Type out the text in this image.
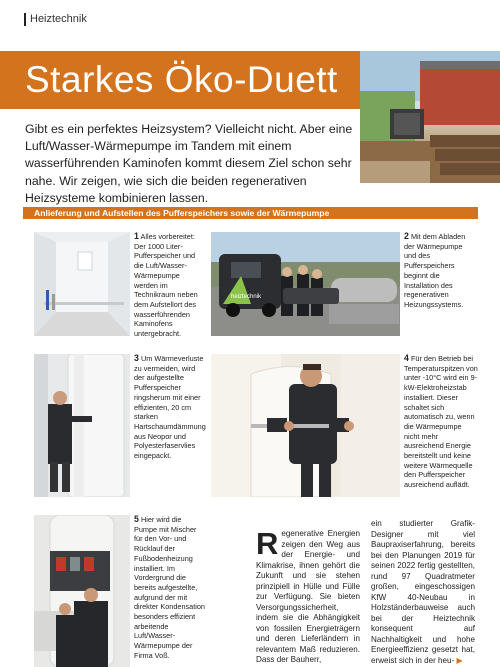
Heiztechnik
Starkes Öko-Duett
Gibt es ein perfektes Heizsystem? Vielleicht nicht. Aber eine Luft/Wasser-Wärmepumpe im Tandem mit einem wasserführenden Kaminofen kommt diesem Ziel schon sehr nahe. Wir zeigen, wie sich die beiden regenerativen Heizsysteme kombinieren lassen.
Anlieferung und Aufstellen des Pufferspeichers sowie der Wärmepumpe
1 Alles vorbereitet: Der 1000 Liter-Pufferspeicher und die Luft/Wasser-Wärmepumpe werden im Technikraum neben dem Aufstellort des wasserführenden Kaminofens untergebracht.
heiztechnik
2 Mit dem Abladen der Wärmepumpe und des Pufferspeichers beginnt die Installation des regenerativen Heizungssystems.
3 Um Wärmeverluste zu vermeiden, wird der aufgestellte Pufferspeicher ringsherum mit einer effizienten, 20 cm starken Hartschaumdämmung aus Neopor und Polyesterfaservlies eingepackt.
4 Für den Betrieb bei Temperaturspitzen von unter -10°C wird ein 9-kW-Elektroheizstab installiert. Dieser schaltet sich automatisch zu, wenn die Wärmepumpe nicht mehr ausreichend Energie bereitstellt und keine weitere Wärmequelle den Pufferspeicher ausreichend auflädt.
5 Hier wird die Pumpe mit Mischer für den Vor- und Rücklauf der Fußbodenheizung installiert. Im Vordergrund die bereits aufgestellte, aufgrund der mit direkter Kondensation besonders effizient arbeitende Luft/Wasser-Wärmepumpe der Firma Voß.
R egenerative Energien zeigen den Weg aus der Energie- und Klimakrise, ihnen gehört die Zukunft und sie stehen prinzipiell in Hülle und Fülle zur Verfügung. Sie bieten Versorgungssicherheit, indem sie die Abhängigkeit von fossilen Energieträgern und deren Lieferländern in relevantem Maß reduzieren. Dass der Bauherr,
ein studierter Grafik-Designer mit viel Baupraxiserfahrung, bereits bei den Planungen 2019 für seinen 2022 fertig gestellten, rund 97 Quadratmeter großen, eingeschossigen KfW 40-Neubau in Holzständerbauweise auch bei der Heiztechnik konsequent auf Nachhaltigkeit und hohe Energieeffizienz gesetzt hat, erweist sich in der heu- ▶
